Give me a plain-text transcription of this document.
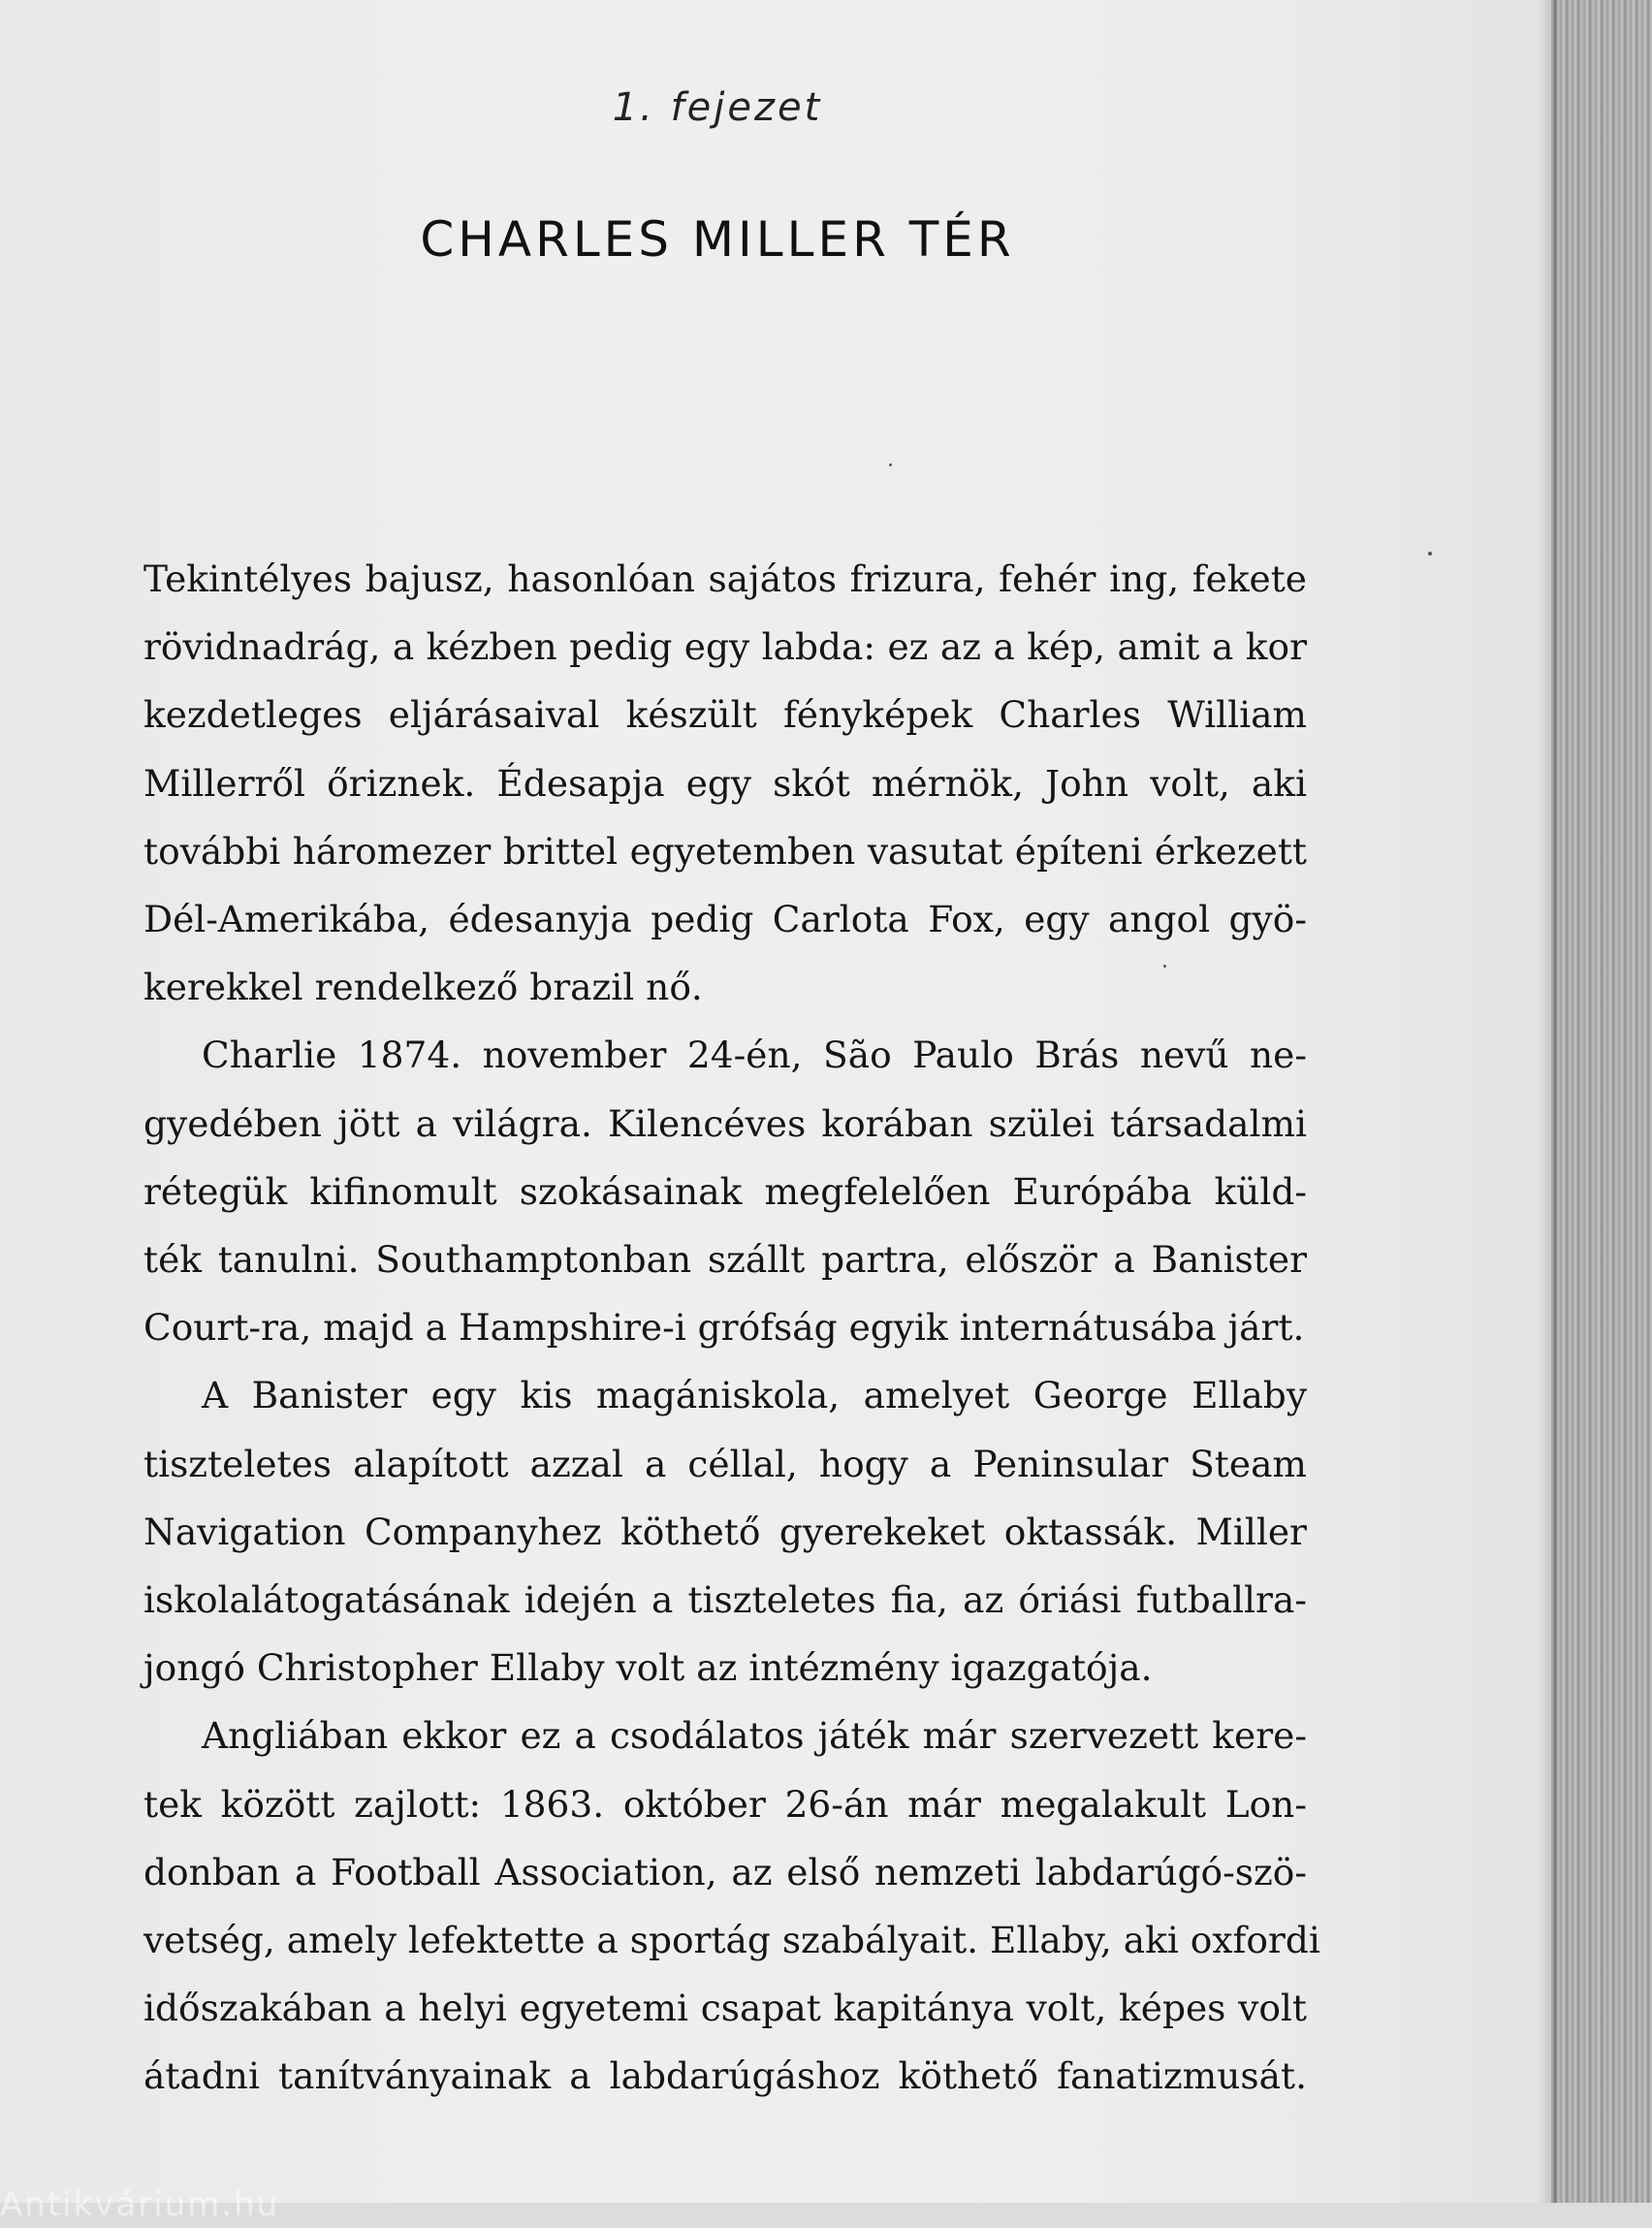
1. fejezet
CHARLES MILLER TÉR

Tekintélyes bajusz, hasonlóan sajátos frizura, fehér ing, fekete
rövidnadrág, a kézben pedig egy labda: ez az a kép, amit a kor
kezdetleges eljárásaival készült fényképek Charles William
Millerről őriznek. Édesapja egy skót mérnök, John volt, aki
további háromezer brittel egyetemben vasutat építeni érkezett
Dél-Amerikába, édesanyja pedig Carlota Fox, egy angol gyö-
kerekkel rendelkező brazil nő.

Charlie 1874. november 24-én, São Paulo Brás nevű ne-
gyedében jött a világra. Kilencéves korában szülei társadalmi
rétegük kifinomult szokásainak megfelelően Európába küld-
ték tanulni. Southamptonban szállt partra, először a Banister
Court-ra, majd a Hampshire-i grófság egyik internátusába járt.

A Banister egy kis magániskola, amelyet George Ellaby
tiszteletes alapított azzal a céllal, hogy a Peninsular Steam
Navigation Companyhez köthető gyerekeket oktassák. Miller
iskolalátogatásának idején a tiszteletes fia, az óriási futballra-
jongó Christopher Ellaby volt az intézmény igazgatója.

Angliában ekkor ez a csodálatos játék már szervezett kere-
tek között zajlott: 1863. október 26-án már megalakult Lon-
donban a Football Association, az első nemzeti labdarúgó-szö-
vetség, amely lefektette a sportág szabályait. Ellaby, aki oxfordi
időszakában a helyi egyetemi csapat kapitánya volt, képes volt
átadni tanítványainak a labdarúgáshoz köthető fanatizmusát.

Antikvárium.hu
